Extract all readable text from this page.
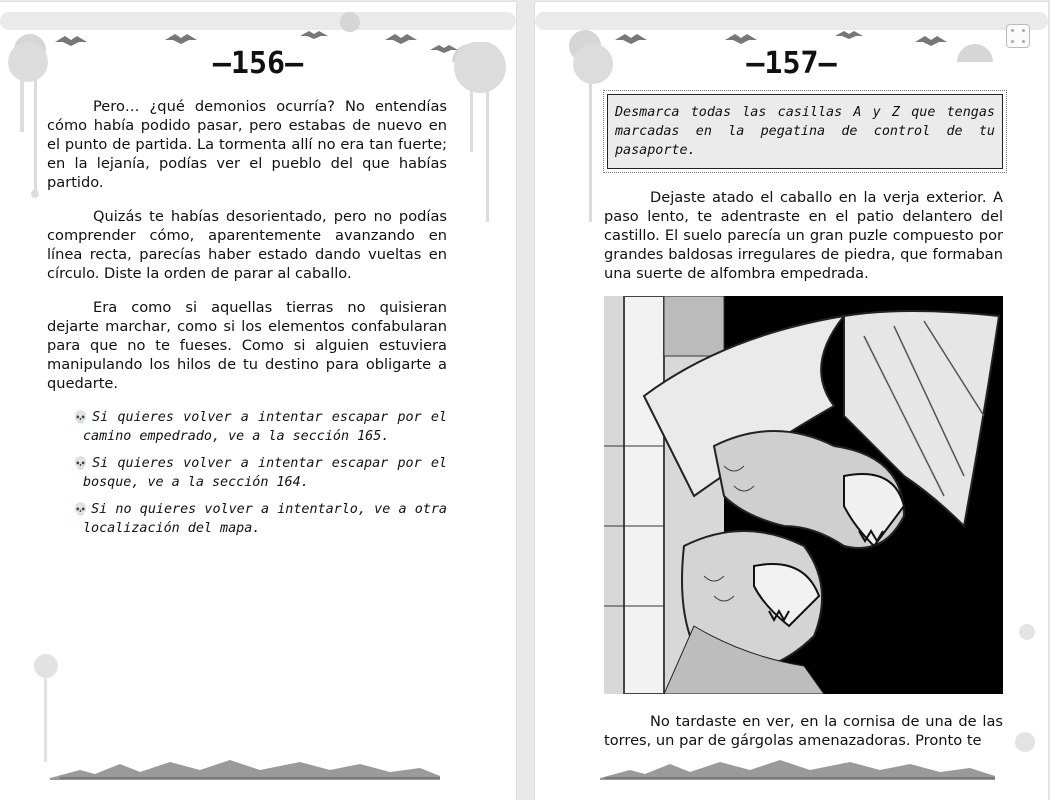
—156—

Pero… ¿qué demonios ocurría? No entendías cómo había podido pasar, pero estabas de nuevo en el punto de partida. La tormenta allí no era tan fuerte; en la lejanía, podías ver el pueblo del que habías partido.

Quizás te habías desorientado, pero no podías comprender cómo, aparentemente avanzando en línea recta, parecías haber estado dando vueltas en círculo. Diste la orden de parar al caballo.

Era como si aquellas tierras no quisieran dejarte marchar, como si los elementos confabularan para que no te fueses. Como si alguien estuviera manipulando los hilos de tu destino para obligarte a quedarte.

💀 Si quieres volver a intentar escapar por el camino empedrado, ve a la sección 165.
💀 Si quieres volver a intentar escapar por el bosque, ve a la sección 164.
💀 Si no quieres volver a intentarlo, ve a otra localización del mapa.
—157—
Desmarca todas las casillas A y Z que tengas marcadas en la pegatina de control de tu pasaporte.

Dejaste atado el caballo en la verja exterior. A paso lento, te adentraste en el patio delantero del castillo. El suelo parecía un gran puzle compuesto por grandes baldosas irregulares de piedra, que formaban una suerte de alfombra empedrada.

No tardaste en ver, en la cornisa de una de las torres, un par de gárgolas amenazadoras. Pronto te
